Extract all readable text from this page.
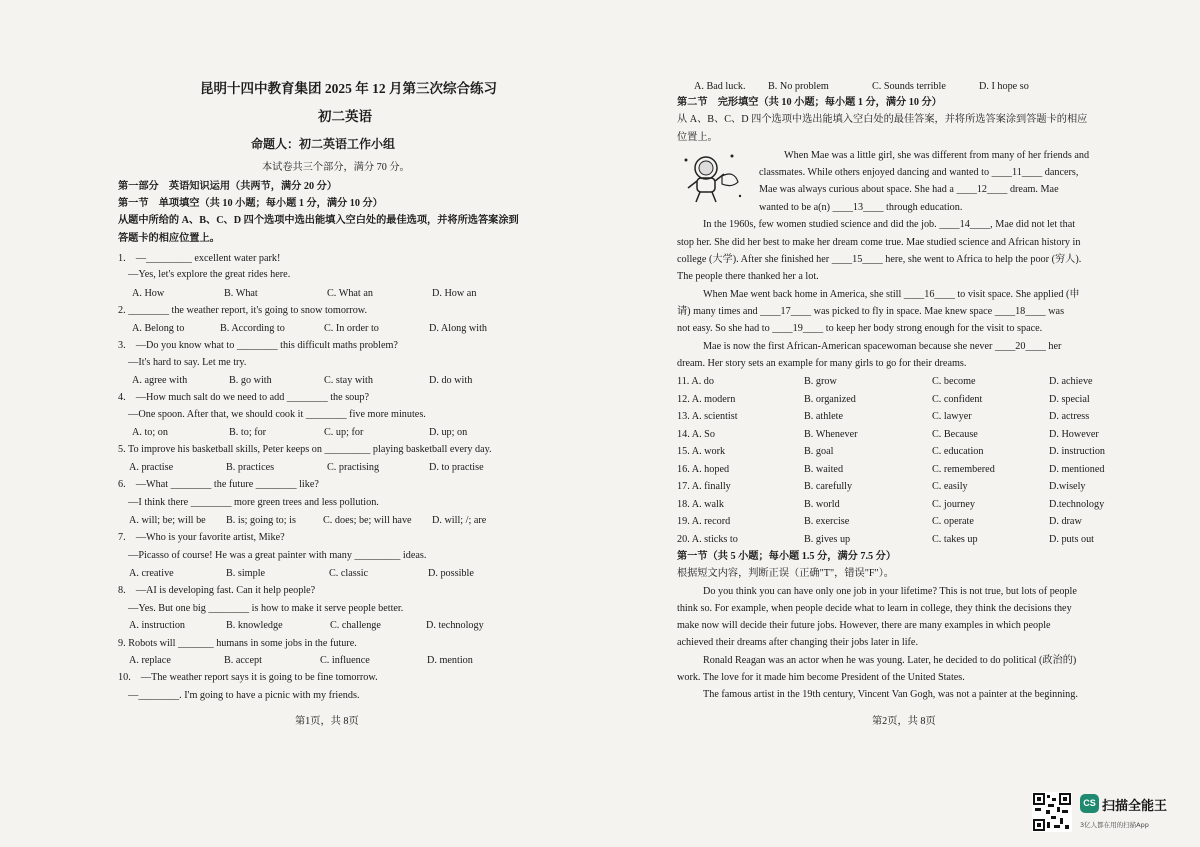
昆明十四中教育集团 2025 年 12 月第三次综合练习
初二英语
命题人：初二英语工作小组
本试卷共三个部分，满分 70 分。
第一部分　英语知识运用（共两节，满分 20 分）
第一节　单项填空（共 10 小题；每小题 1 分，满分 10 分）
从题中所给的 A、B、C、D 四个选项中选出能填入空白处的最佳选项，并将所选答案涂到
答题卡的相应位置上。
1.　—_________ excellent water park!
　—Yes, let's explore the great rides here.
A. How	B. What	C. What an	D. How an
2. ________ the weather report, it's going to snow tomorrow.
A. Belong to	B. According to	C. In order to	D. Along with
3.　—Do you know what to ________ this difficult maths problem?
　—It's hard to say. Let me try.
A. agree with	B. go with	C. stay with	D. do with
4.　—How much salt do we need to add ________ the soup?
　—One spoon. After that, we should cook it ________ five more minutes.
A. to; on	B. to; for	C. up; for	D. up; on
5. To improve his basketball skills, Peter keeps on _________ playing basketball every day.
A. practise	B. practices	C. practising	D. to practise
6.　—What ________ the future ________ like?
　—I think there ________ more green trees and less pollution.
A. will; be; will be B. is; going to; is	C. does; be; will have D. will; /; are
7.　—Who is your favorite artist, Mike?
　—Picasso of course! He was a great painter with many _________ ideas.
A. creative	B. simple	C. classic	D. possible
8.　—AI is developing fast. Can it help people?
　—Yes. But one big ________ is how to make it serve people better.
A. instruction	B. knowledge	C. challenge	D. technology
9. Robots will _______ humans in some jobs in the future.
A. replace	B. accept	C. influence	D. mention
10.　—The weather report says it is going to be fine tomorrow.
　—________. I'm going to have a picnic with my friends.
第1页，共 8页
A. Bad luck. B. No problem	C. Sounds terrible	D. I hope so
第二节　完形填空（共 10 小题；每小题 1 分，满分 10 分）
从 A、B、C、D 四个选项中选出能填入空白处的最佳答案，并将所选答案涂到答题卡的相应
位置上。
When Mae was a little girl, she was different from many of her friends and
classmates. While others enjoyed dancing and wanted to ____11____ dancers,
Mae was always curious about space. She had a ____12____ dream. Mae
wanted to be a(n) ____13____ through education.
In the 1960s, few women studied science and did the job. ____14____, Mae did not let that
stop her. She did her best to make her dream come true. Mae studied science and African history in
college (大学). After she finished her ____15____ here, she went to Africa to help the poor (穷人).
The people there thanked her a lot.
When Mae went back home in America, she still ____16____ to visit space. She applied (申
请) many times and ____17____ was picked to fly in space. Mae knew space ____18____ was
not easy. So she had to ____19____ to keep her body strong enough for the visit to space.
Mae is now the first African-American spacewoman because she never ____20____ her
dream. Her story sets an example for many girls to go for their dreams.
11. A. do	B. grow	C. become	D. achieve
12. A. modern	B. organized	C. confident	D. special
13. A. scientist	B. athlete	C. lawyer	D. actress
14. A. So	B. Whenever	C. Because	D. However
15. A. work	B. goal	C. education	D. instruction
16. A. hoped	B. waited	C. remembered	D. mentioned
17. A. finally	B. carefully	C. easily	D.wisely
18. A. walk	B. world	C. journey	D.technology
19. A. record	B. exercise	C. operate	D. draw
20. A. sticks to	B. gives up	C. takes up	D. puts out
第一节（共 5 小题；每小题 1.5 分，满分 7.5 分）
根据短文内容，判断正误（正确"T"，错误"F"）。
Do you think you can have only one job in your lifetime? This is not true, but lots of people
think so. For example, when people decide what to learn in college, they think the decisions they
make now will decide their future jobs. However, there are many examples in which people
achieved their dreams after changing their jobs later in life.
Ronald Reagan was an actor when he was young. Later, he decided to do political (政治的)
work. The love for it made him become President of the United States.
The famous artist in the 19th century, Vincent Van Gogh, was not a painter at the beginning.
第2页，共 8页
CS 扫描全能王
3亿人都在用的扫描App
